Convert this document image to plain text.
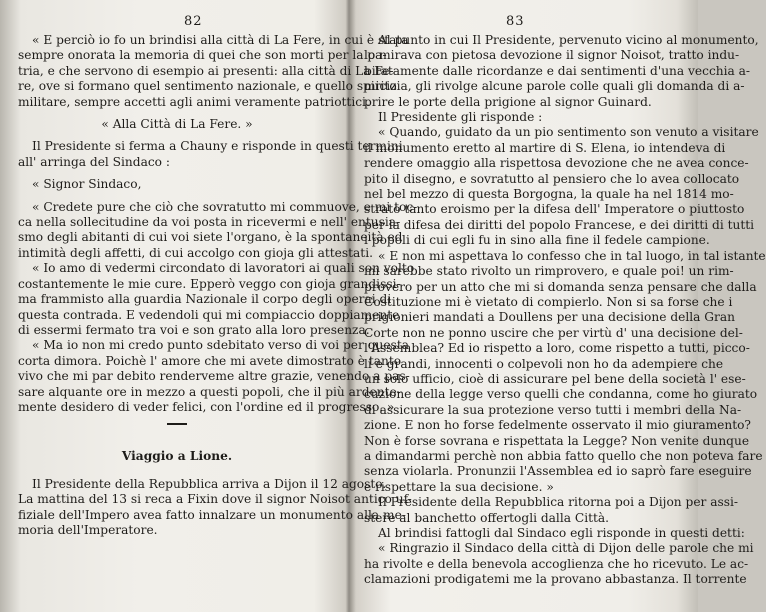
82
« E perciò io fo un brindisi alla città di La Fere, in cui è stata
sempre onorata la memoria di quei che son morti per la pa-
tria, e che servono di esempio ai presenti: alla città di La Fe-
re, ove si formano quel sentimento nazionale, e quello spirito
militare, sempre accetti agli animi veramente patriottici.
« Alla Città di La Fere. »
Il Presidente si ferma a Chauny e risponde in questi termini
all' arringa del Sindaco :
« Signor Sindaco,
« Credete pure che ciò che sovratutto mi commuove, e mi toc-
ca nella sollecitudine da voi posta in ricevermi e nell' entusia-
smo degli abitanti di cui voi siete l'organo, è la spontaneità ed
intimità degli affetti, di cui accolgo con gioja gli attestati.
« Io amo di vedermi circondato di lavoratori ai quali son volto
costantemente le mie cure. Epperò veggo con gioja grandissi-
ma frammisto alla guardia Nazionale il corpo degli operai di
questa contrada. E vedendoli qui mi compiaccio doppiamente
di essermi fermato tra voi e son grato alla loro presenza.
« Ma io non mi credo punto sdebitato verso di voi per questa
corta dimora. Poichè l' amore che mi avete dimostrato è tanto
vivo che mi par debito renderveme altre grazie, venendo a pas-
sare alquante ore in mezzo a questi popoli, che il più ardente-
mente desidero di veder felici, con l'ordine ed il progresso. »
Viaggio a Lione.
Il Presidente della Repubblica arriva a Dijon il 12 agosto.
La mattina del 13 si reca a Fixin dove il signor Noisot antico uf-
fiziale dell'Impero avea fatto innalzare un monumento alla me-
moria dell'Imperatore.
83
Al punto in cui Il Presidente, pervenuto vicino al monumento,
lo mirava con pietosa devozione il signor Noisot, tratto indu-
bitatamente dalle ricordanze e dai sentimenti d'una vecchia a-
micizia, gli rivolge alcune parole colle quali gli domanda di a-
prire le porte della prigione al signor Guinard.
Il Presidente gli risponde :
« Quando, guidato da un pio sentimento son venuto a visitare
il monumento eretto al martire di S. Elena, io intendeva di
rendere omaggio alla rispettosa devozione che ne avea conce-
pito il disegno, e sovratutto al pensiero che lo avea collocato
nel bel mezzo di questa Borgogna, la quale ha nel 1814 mo-
strato tanto eroismo per la difesa dell' Imperatore o piuttosto
per la difesa dei diritti del popolo Francese, e dei diritti di tutti
i popoli di cui egli fu in sino alla fine il fedele campione.
« E non mi aspettava lo confesso che in tal luogo, in tal istante
mi sarebbe stato rivolto un rimprovero, e quale poi! un rim-
provero per un atto che mi si domanda senza pensare che dalla
Costituzione mi è vietato di compierlo. Non si sa forse che i
prigionieri mandati a Doullens per una decisione della Gran
Corte non ne ponno uscire che per virtù d' una decisione del-
l'Assemblea? Ed io rispetto a loro, come rispetto a tutti, picco-
li e grandi, innocenti o colpevoli non ho da adempiere che
un solo ufficio, cioè di assicurare pel bene della società l' ese-
cuzione della legge verso quelli che condanna, come ho giurato
di assicurare la sua protezione verso tutti i membri della Na-
zione. E non ho forse fedelmente osservato il mio giuramento?
Non è forse sovrana e rispettata la Legge? Non venite dunque
a dimandarmi perchè non abbia fatto quello che non poteva fare
senza violarla. Pronunzii l'Assemblea ed io saprò fare eseguire
e rispettare la sua decisione. »
Il Presidente della Repubblica ritorna poi a Dijon per assi-
stere al banchetto offertogli dalla Città.
Al brindisi fattogli dal Sindaco egli risponde in questi detti:
« Ringrazio il Sindaco della città di Dijon delle parole che mi
ha rivolte e della benevola accoglienza che ho ricevuto. Le ac-
clamazioni prodigatemi me la provano abbastanza. Il torrente
